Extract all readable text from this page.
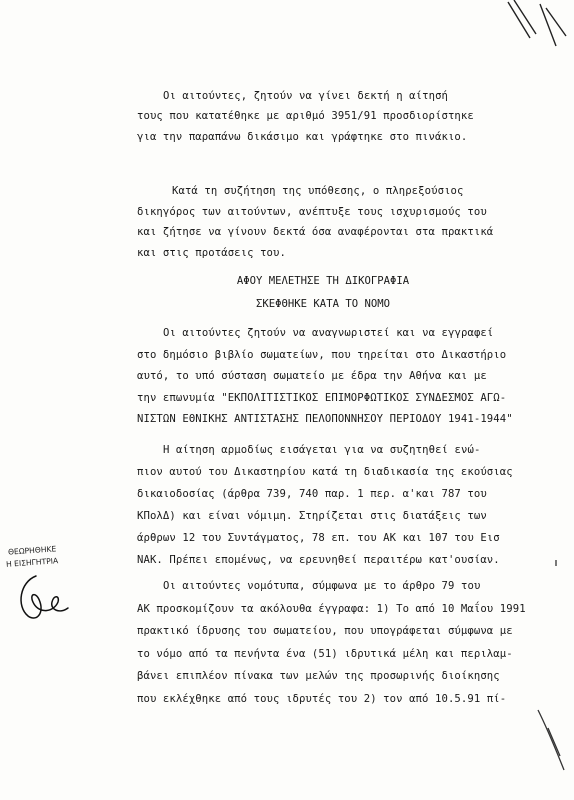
Οι αιτούντες, ζητούν να γίνει δεκτή η αίτησή
τους που κατατέθηκε με αριθμό 3951/91 προσδιορίστηκε
για την παραπάνω δικάσιμο και γράφτηκε στο πινάκιο.
Κατά τη συζήτηση της υπόθεσης, ο πληρεξούσιος
δικηγόρος των αιτούντων, ανέπτυξε τους ισχυρισμούς του
και ζήτησε να γίνουν δεκτά όσα αναφέρονται στα πρακτικά
και στις προτάσεις του.
ΑΦΟΥ ΜΕΛΕΤΗΣΕ ΤΗ ΔΙΚΟΓΡΑΦΙΑ
ΣΚΕΦΘΗΚΕ ΚΑΤΑ ΤΟ ΝΟΜΟ
Οι αιτούντες ζητούν να αναγνωριστεί και να εγγραφεί
στο δημόσιο βιβλίο σωματείων, που τηρείται στο Δικαστήριο
αυτό, το υπό σύσταση σωματείο με έδρα την Αθήνα και με
την επωνυμία "ΕΚΠΟΛΙΤΙΣΤΙΚΟΣ ΕΠΙΜΟΡΦΩΤΙΚΟΣ ΣΥΝΔΕΣΜΟΣ ΑΓΩ-
ΝΙΣΤΩΝ ΕΘΝΙΚΗΣ ΑΝΤΙΣΤΑΣΗΣ ΠΕΛΟΠΟΝΝΗΣΟΥ ΠΕΡΙΟΔΟΥ 1941-1944"
Η αίτηση αρμοδίως εισάγεται για να συζητηθεί ενώ-
πιον αυτού του Δικαστηρίου κατά τη διαδικασία της εκούσιας
δικαιοδοσίας (άρθρα 739, 740 παρ. 1 περ. α'και 787 του
ΚΠολΔ) και είναι νόμιμη. Στηρίζεται στις διατάξεις των
άρθρων 12 του Συντάγματος, 78 επ. του ΑΚ και 107 του Εισ
ΝΑΚ. Πρέπει επομένως, να ερευνηθεί περαιτέρω κατ'ουσίαν.
Οι αιτούντες νομότυπα, σύμφωνα με το άρθρο 79 του
ΑΚ προσκομίζουν τα ακόλουθα έγγραφα: 1) Το από 10 Μαΐου 1991
πρακτικό ίδρυσης του σωματείου, που υπογράφεται σύμφωνα με
το νόμο από τα πενήντα ένα (51) ιδρυτικά μέλη και περιλαμ-
βάνει επιπλέον πίνακα των μελών της προσωρινής διοίκησης
που εκλέχθηκε από τους ιδρυτές του 2) τον από 10.5.91 πί-
ΘΕΩΡΗΘΗΚΕ
Η ΕΙΣΗΓΗΤΡΙΑ
